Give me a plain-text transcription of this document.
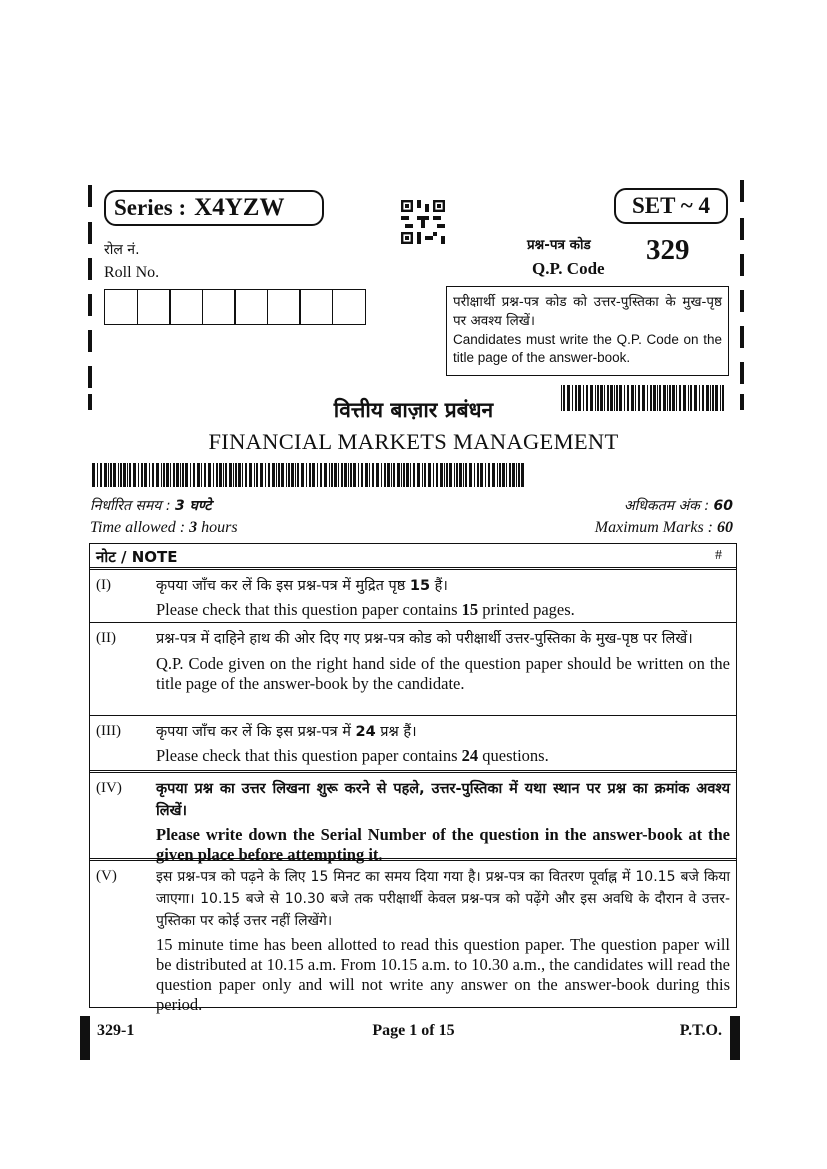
Series : X4YZW	SET ~ 4
रोल नं.
Roll No.
प्रश्न-पत्र कोड
Q.P. Code
329
परीक्षार्थी प्रश्न-पत्र कोड को उत्तर-पुस्तिका के मुख-पृष्ठ पर अवश्य लिखें।
Candidates must write the Q.P. Code on the title page of the answer-book.
वित्तीय बाज़ार प्रबंधन
FINANCIAL MARKETS MANAGEMENT
निर्धारित समय : 3 घण्टे	अधिकतम अंक : 60
Time allowed : 3 hours	Maximum Marks : 60
नोट / NOTE	#
(I)	कृपया जाँच कर लें कि इस प्रश्न-पत्र में मुद्रित पृष्ठ 15 हैं।
Please check that this question paper contains 15 printed pages.
(II)	प्रश्न-पत्र में दाहिने हाथ की ओर दिए गए प्रश्न-पत्र कोड को परीक्षार्थी उत्तर-पुस्तिका के मुख-पृष्ठ पर लिखें।
Q.P. Code given on the right hand side of the question paper should be written on the title page of the answer-book by the candidate.
(III) कृपया जाँच कर लें कि इस प्रश्न-पत्र में 24 प्रश्न हैं।
Please check that this question paper contains 24 questions.
(IV) कृपया प्रश्न का उत्तर लिखना शुरू करने से पहले, उत्तर-पुस्तिका में यथा स्थान पर प्रश्न का क्रमांक अवश्य लिखें।
Please write down the Serial Number of the question in the answer-book at the given place before attempting it.
(V)	इस प्रश्न-पत्र को पढ़ने के लिए 15 मिनट का समय दिया गया है। प्रश्न-पत्र का वितरण पूर्वाह्न में 10.15 बजे किया जाएगा। 10.15 बजे से 10.30 बजे तक परीक्षार्थी केवल प्रश्न-पत्र को पढ़ेंगे और इस अवधि के दौरान वे उत्तर-पुस्तिका पर कोई उत्तर नहीं लिखेंगे।
15 minute time has been allotted to read this question paper. The question paper will be distributed at 10.15 a.m. From 10.15 a.m. to 10.30 a.m., the candidates will read the question paper only and will not write any answer on the answer-book during this period.
329-1	Page 1 of 15	P.T.O.
